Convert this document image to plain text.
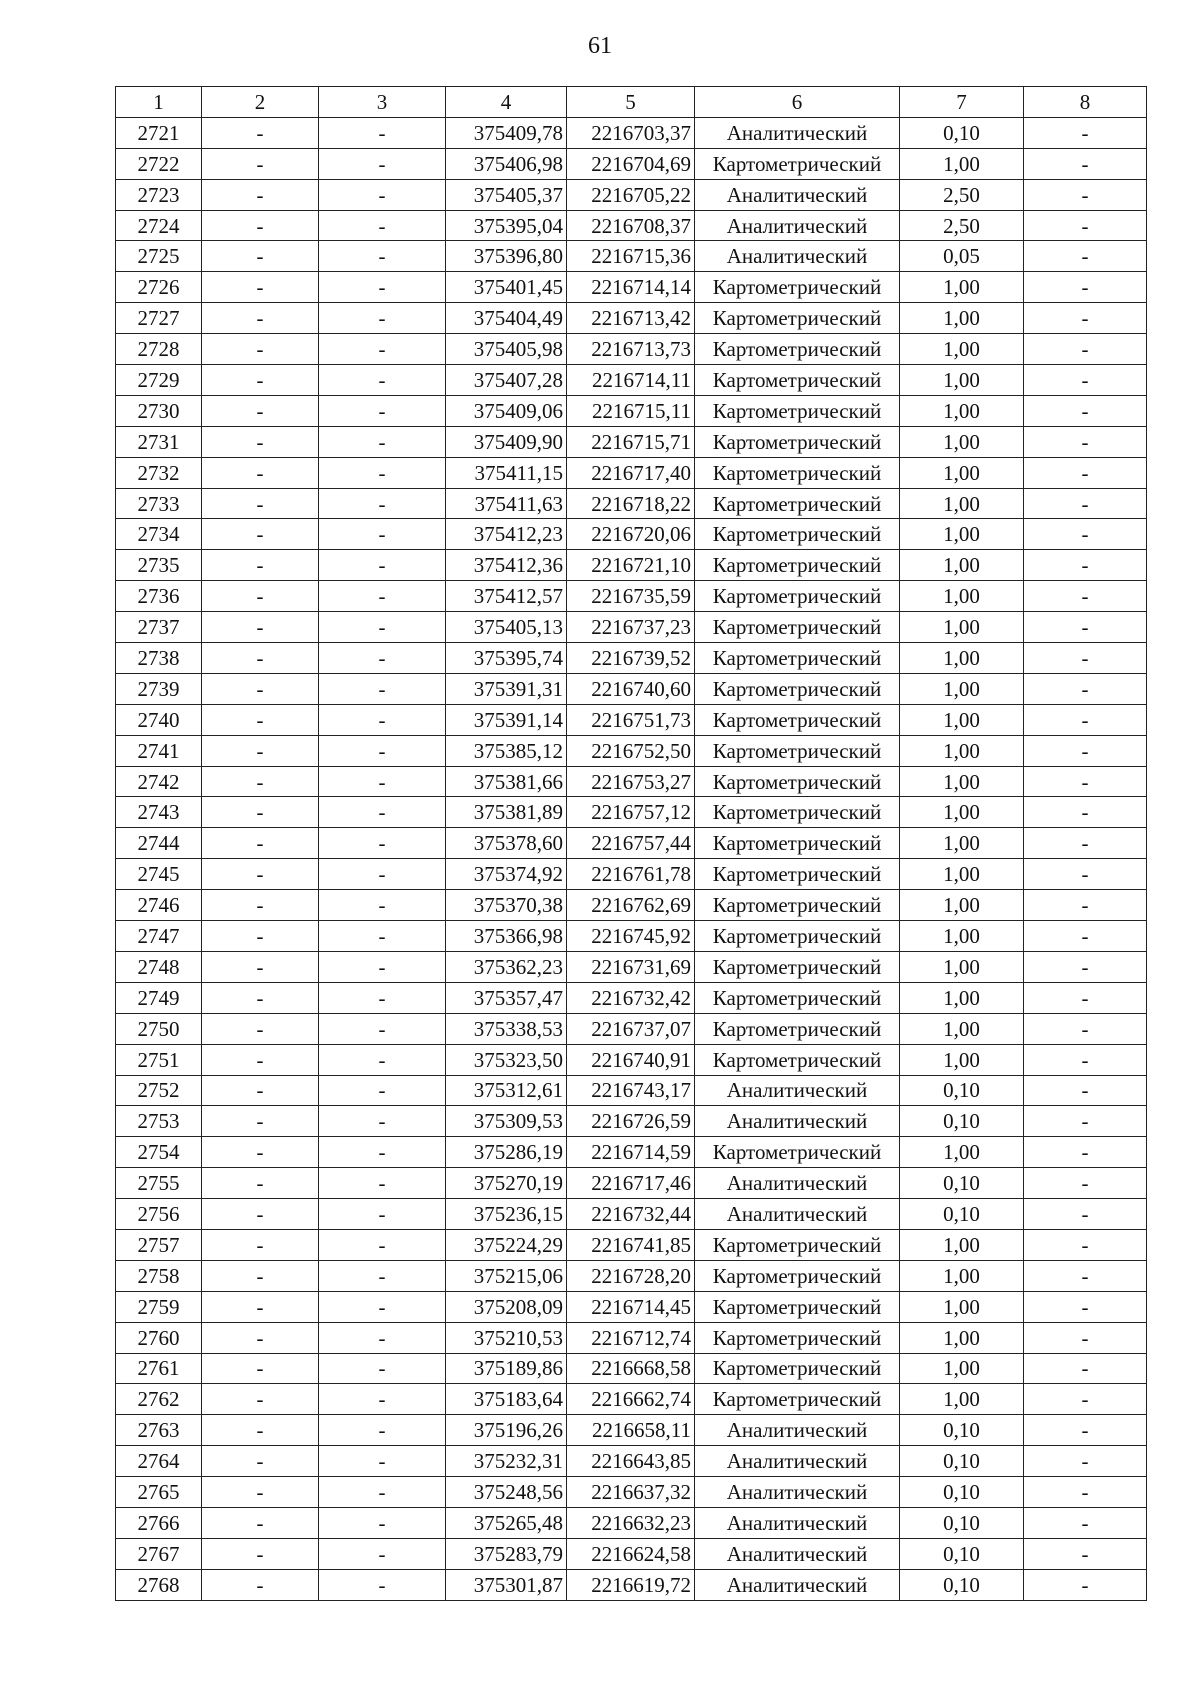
61
1	2	3	4	5	6	7	8
2721	-	-	375409,78	2216703,37	Аналитический	0,10	-
2722	-	-	375406,98	2216704,69	Картометрический	1,00	-
2723	-	-	375405,37	2216705,22	Аналитический	2,50	-
2724	-	-	375395,04	2216708,37	Аналитический	2,50	-
2725	-	-	375396,80	2216715,36	Аналитический	0,05	-
2726	-	-	375401,45	2216714,14	Картометрический	1,00	-
2727	-	-	375404,49	2216713,42	Картометрический	1,00	-
2728	-	-	375405,98	2216713,73	Картометрический	1,00	-
2729	-	-	375407,28	2216714,11	Картометрический	1,00	-
2730	-	-	375409,06	2216715,11	Картометрический	1,00	-
2731	-	-	375409,90	2216715,71	Картометрический	1,00	-
2732	-	-	375411,15	2216717,40	Картометрический	1,00	-
2733	-	-	375411,63	2216718,22	Картометрический	1,00	-
2734	-	-	375412,23	2216720,06	Картометрический	1,00	-
2735	-	-	375412,36	2216721,10	Картометрический	1,00	-
2736	-	-	375412,57	2216735,59	Картометрический	1,00	-
2737	-	-	375405,13	2216737,23	Картометрический	1,00	-
2738	-	-	375395,74	2216739,52	Картометрический	1,00	-
2739	-	-	375391,31	2216740,60	Картометрический	1,00	-
2740	-	-	375391,14	2216751,73	Картометрический	1,00	-
2741	-	-	375385,12	2216752,50	Картометрический	1,00	-
2742	-	-	375381,66	2216753,27	Картометрический	1,00	-
2743	-	-	375381,89	2216757,12	Картометрический	1,00	-
2744	-	-	375378,60	2216757,44	Картометрический	1,00	-
2745	-	-	375374,92	2216761,78	Картометрический	1,00	-
2746	-	-	375370,38	2216762,69	Картометрический	1,00	-
2747	-	-	375366,98	2216745,92	Картометрический	1,00	-
2748	-	-	375362,23	2216731,69	Картометрический	1,00	-
2749	-	-	375357,47	2216732,42	Картометрический	1,00	-
2750	-	-	375338,53	2216737,07	Картометрический	1,00	-
2751	-	-	375323,50	2216740,91	Картометрический	1,00	-
2752	-	-	375312,61	2216743,17	Аналитический	0,10	-
2753	-	-	375309,53	2216726,59	Аналитический	0,10	-
2754	-	-	375286,19	2216714,59	Картометрический	1,00	-
2755	-	-	375270,19	2216717,46	Аналитический	0,10	-
2756	-	-	375236,15	2216732,44	Аналитический	0,10	-
2757	-	-	375224,29	2216741,85	Картометрический	1,00	-
2758	-	-	375215,06	2216728,20	Картометрический	1,00	-
2759	-	-	375208,09	2216714,45	Картометрический	1,00	-
2760	-	-	375210,53	2216712,74	Картометрический	1,00	-
2761	-	-	375189,86	2216668,58	Картометрический	1,00	-
2762	-	-	375183,64	2216662,74	Картометрический	1,00	-
2763	-	-	375196,26	2216658,11	Аналитический	0,10	-
2764	-	-	375232,31	2216643,85	Аналитический	0,10	-
2765	-	-	375248,56	2216637,32	Аналитический	0,10	-
2766	-	-	375265,48	2216632,23	Аналитический	0,10	-
2767	-	-	375283,79	2216624,58	Аналитический	0,10	-
2768	-	-	375301,87	2216619,72	Аналитический	0,10	-
